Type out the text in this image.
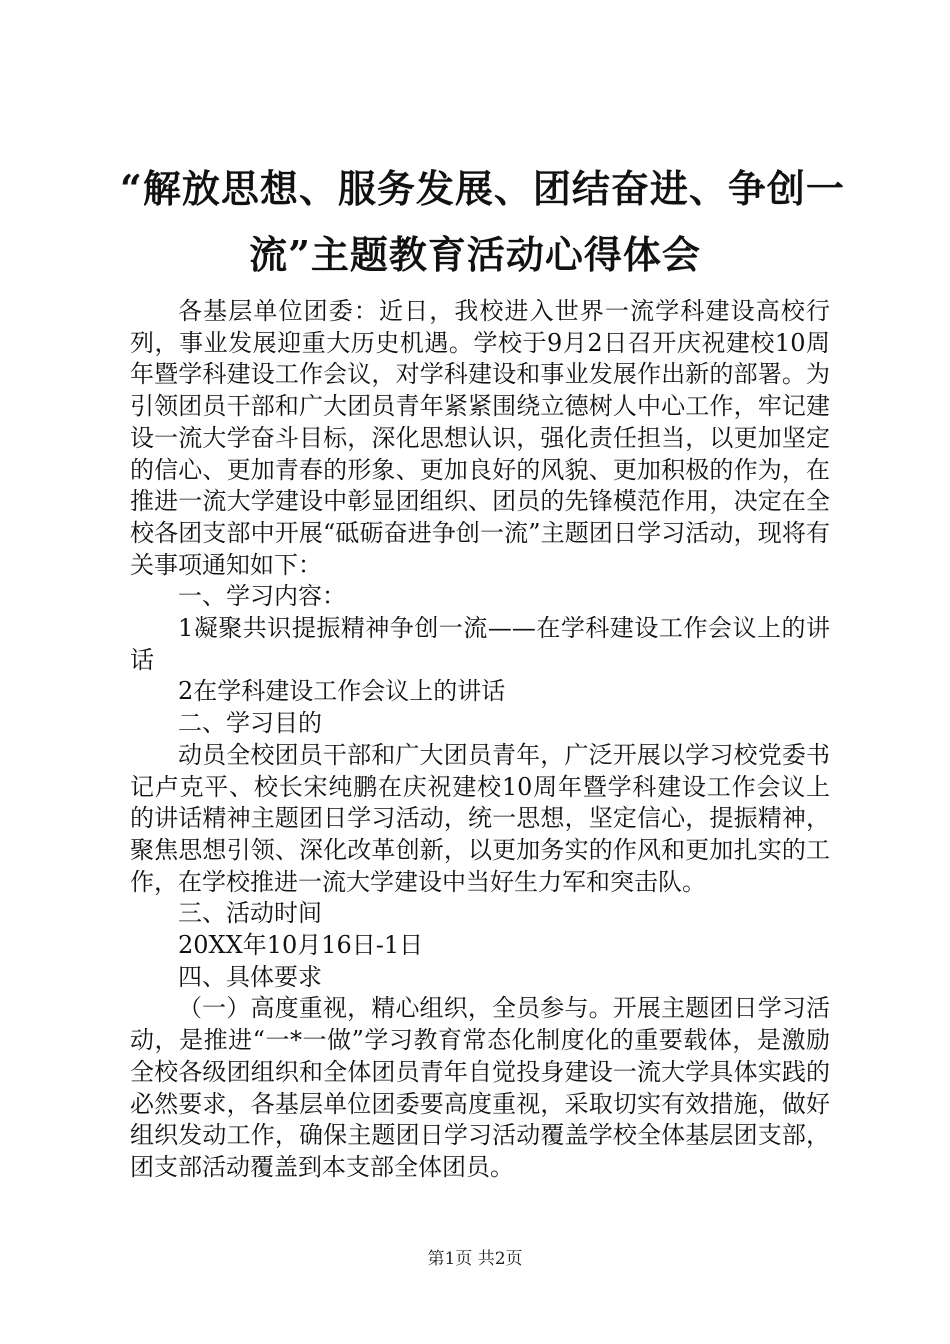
“解放思想、服务发展、团结奋进、争创一
流”主题教育活动心得体会

各基层单位团委：近日，我校进入世界一流学科建设高校行列，事业发展迎重大历史机遇。学校于9月2日召开庆祝建校10周年暨学科建设工作会议，对学科建设和事业发展作出新的部署。为引领团员干部和广大团员青年紧紧围绕立德树人中心工作，牢记建设一流大学奋斗目标，深化思想认识，强化责任担当，以更加坚定的信心、更加青春的形象、更加良好的风貌、更加积极的作为，在推进一流大学建设中彰显团组织、团员的先锋模范作用，决定在全校各团支部中开展“砥砺奋进争创一流”主题团日学习活动，现将有关事项通知如下：

一、学习内容：

1凝聚共识提振精神争创一流——在学科建设工作会议上的讲话

2在学科建设工作会议上的讲话

二、学习目的

动员全校团员干部和广大团员青年，广泛开展以学习校党委书记卢克平、校长宋纯鹏在庆祝建校10周年暨学科建设工作会议上的讲话精神主题团日学习活动，统一思想，坚定信心，提振精神，聚焦思想引领、深化改革创新，以更加务实的作风和更加扎实的工作，在学校推进一流大学建设中当好生力军和突击队。

三、活动时间

20XX年10月16日-1日

四、具体要求

（一）高度重视，精心组织，全员参与。开展主题团日学习活动，是推进“一*一做”学习教育常态化制度化的重要载体，是激励全校各级团组织和全体团员青年自觉投身建设一流大学具体实践的必然要求，各基层单位团委要高度重视，采取切实有效措施，做好组织发动工作，确保主题团日学习活动覆盖学校全体基层团支部，团支部活动覆盖到本支部全体团员。

第1页 共2页
